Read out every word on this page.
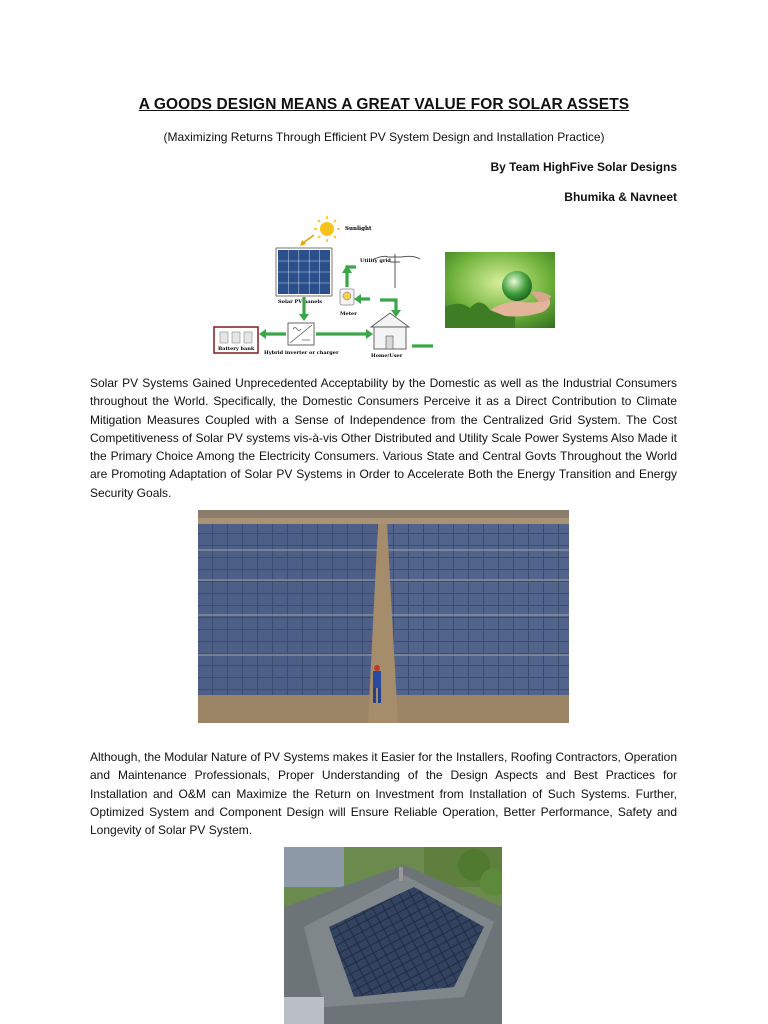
A GOODS DESIGN MEANS A GREAT VALUE FOR SOLAR ASSETS
(Maximizing Returns Through Efficient PV System Design and Installation Practice)
By Team HighFive Solar Designs
Bhumika & Navneet
Sunlight
Solar PV panels
Utility grid
Meter
Battery bank
Hybrid inverter or charger	Home/User

Solar PV Systems Gained Unprecedented Acceptability by the Domestic as well as the Industrial Consumers throughout the World. Specifically, the Domestic Consumers Perceive it as a Direct Contribution to Climate Mitigation Measures Coupled with a Sense of Independence from the Centralized Grid System. The Cost Competitiveness of Solar PV systems vis-à-vis Other Distributed and Utility Scale Power Systems Also Made it the Primary Choice Among the Electricity Consumers. Various State and Central Govts Throughout the World are Promoting Adaptation of Solar PV Systems in Order to Accelerate Both the Energy Transition and Energy Security Goals.

Although, the Modular Nature of PV Systems makes it Easier for the Installers, Roofing Contractors, Operation and Maintenance Professionals, Proper Understanding of the Design Aspects and Best Practices for Installation and O&M can Maximize the Return on Investment from Installation of Such Systems. Further, Optimized System and Component Design will Ensure Reliable Operation, Better Performance, Safety and Longevity of Solar PV System.
